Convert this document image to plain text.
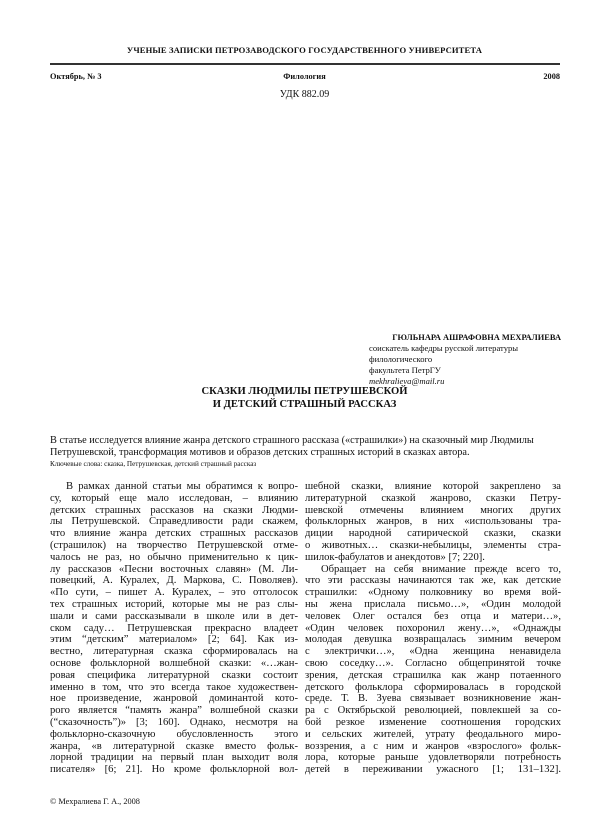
УЧЕНЫЕ ЗАПИСКИ ПЕТРОЗАВОДСКОГО ГОСУДАРСТВЕННОГО УНИВЕРСИТЕТА
Октябрь, № 3	Филология	2008
УДК 882.09
ГЮЛЬНАРА АШРАФОВНА МЕХРАЛИЕВА
соискатель кафедры русской литературы филологического
факультета ПетрГУ
mekhralieva@mail.ru
СКАЗКИ ЛЮДМИЛЫ ПЕТРУШЕВСКОЙ
И ДЕТСКИЙ СТРАШНЫЙ РАССКАЗ
В статье исследуется влияние жанра детского страшного рассказа («страшилки») на сказочный мир Людмилы Петрушевской, трансформация мотивов и образов детских страшных историй в сказках автора.
Ключевые слова: сказка, Петрушевская, детский страшный рассказ
В рамках данной статьи мы обратимся к вопро-
су, который еще мало исследован, – влиянию
детских страшных рассказов на сказки Людми-
лы Петрушевской. Справедливости ради скажем,
что влияние жанра детских страшных рассказов
(страшилок) на творчество Петрушевской отме-
чалось не раз, но обычно применительно к цик-
лу рассказов «Песни восточных славян» (М. Ли-
повецкий, А. Куралех, Д. Маркова, С. Поволяев).
«По сути, – пишет А. Куралех, – это отголосок
тех страшных историй, которые мы не раз слы-
шали и сами рассказывали в школе или в дет-
ском саду… Петрушевская прекрасно владеет
этим “детским” материалом» [2; 64]. Как из-
вестно, литературная сказка сформировалась на
основе фольклорной волшебной сказки: «…жан-
ровая специфика литературной сказки состоит
именно в том, что это всегда такое художествен-
ное произведение, жанровой доминантой кото-
рого является “память жанра” волшебной сказки
(“сказочность”)» [3; 160]. Однако, несмотря на
фольклорно-сказочную обусловленность этого
жанра, «в литературной сказке вместо фольк-
лорной традиции на первый план выходит воля
писателя» [6; 21]. Но кроме фольклорной вол-
шебной сказки, влияние которой закреплено за
литературной сказкой жанрово, сказки Петру-
шевской отмечены влиянием многих других
фольклорных жанров, в них «использованы тра-
диции народной сатирической сказки, сказки
о животных… сказки-небылицы, элементы стра-
шилок-фабулатов и анекдотов» [7; 220].
Обращает на себя внимание прежде всего то,
что эти рассказы начинаются так же, как детские
страшилки: «Одному полковнику во время вой-
ны жена прислала письмо…», «Один молодой
человек Олег остался без отца и матери…»,
«Один человек похоронил жену…», «Однажды
молодая девушка возвращалась зимним вечером
с электрички…», «Одна женщина ненавидела
свою соседку…». Согласно общепринятой точке
зрения, детская страшилка как жанр потаенного
детского фольклора сформировалась в городской
среде. Т. В. Зуева связывает возникновение жан-
ра с Октябрьской революцией, повлекшей за со-
бой резкое изменение соотношения городских
и сельских жителей, утрату феодального миро-
воззрения, а с ним и жанров «взрослого» фольк-
лора, которые раньше удовлетворяли потребность
детей в переживании ужасного [1; 131–132].
© Мехралиева Г. А., 2008
